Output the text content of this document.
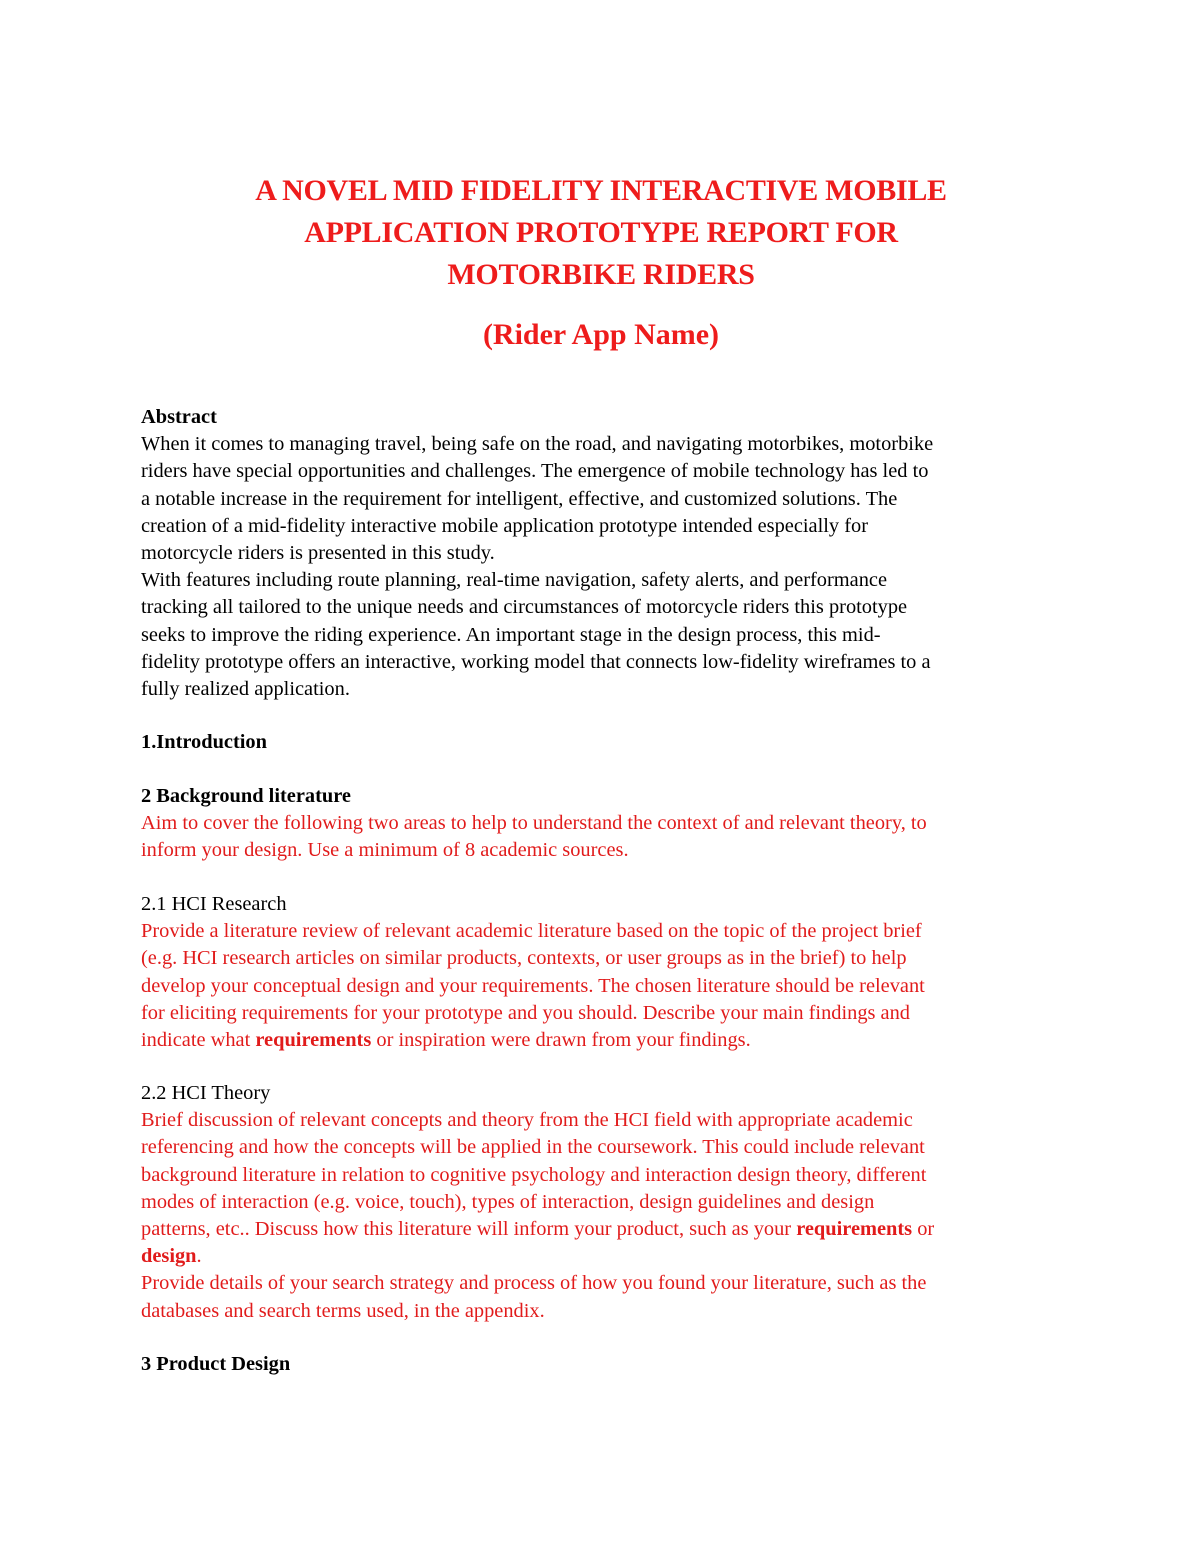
A NOVEL MID FIDELITY INTERACTIVE MOBILE
APPLICATION PROTOTYPE REPORT FOR
MOTORBIKE RIDERS
(Rider App Name)

Abstract

When it comes to managing travel, being safe on the road, and navigating motorbikes, motorbike

riders have special opportunities and challenges. The emergence of mobile technology has led to

a notable increase in the requirement for intelligent, effective, and customized solutions. The

creation of a mid-fidelity interactive mobile application prototype intended especially for

motorcycle riders is presented in this study.

With features including route planning, real-time navigation, safety alerts, and performance

tracking all tailored to the unique needs and circumstances of motorcycle riders this prototype

seeks to improve the riding experience. An important stage in the design process, this mid-

fidelity prototype offers an interactive, working model that connects low-fidelity wireframes to a

fully realized application.

1.Introduction

2 Background literature

Aim to cover the following two areas to help to understand the context of and relevant theory, to

inform your design. Use a minimum of 8 academic sources.

2.1 HCI Research

Provide a literature review of relevant academic literature based on the topic of the project brief

(e.g. HCI research articles on similar products, contexts, or user groups as in the brief) to help

develop your conceptual design and your requirements. The chosen literature should be relevant

for eliciting requirements for your prototype and you should. Describe your main findings and

indicate what requirements or inspiration were drawn from your findings.

2.2 HCI Theory

Brief discussion of relevant concepts and theory from the HCI field with appropriate academic

referencing and how the concepts will be applied in the coursework. This could include relevant

background literature in relation to cognitive psychology and interaction design theory, different

modes of interaction (e.g. voice, touch), types of interaction, design guidelines and design

patterns, etc.. Discuss how this literature will inform your product, such as your requirements or

design.

Provide details of your search strategy and process of how you found your literature, such as the

databases and search terms used, in the appendix.

3 Product Design
